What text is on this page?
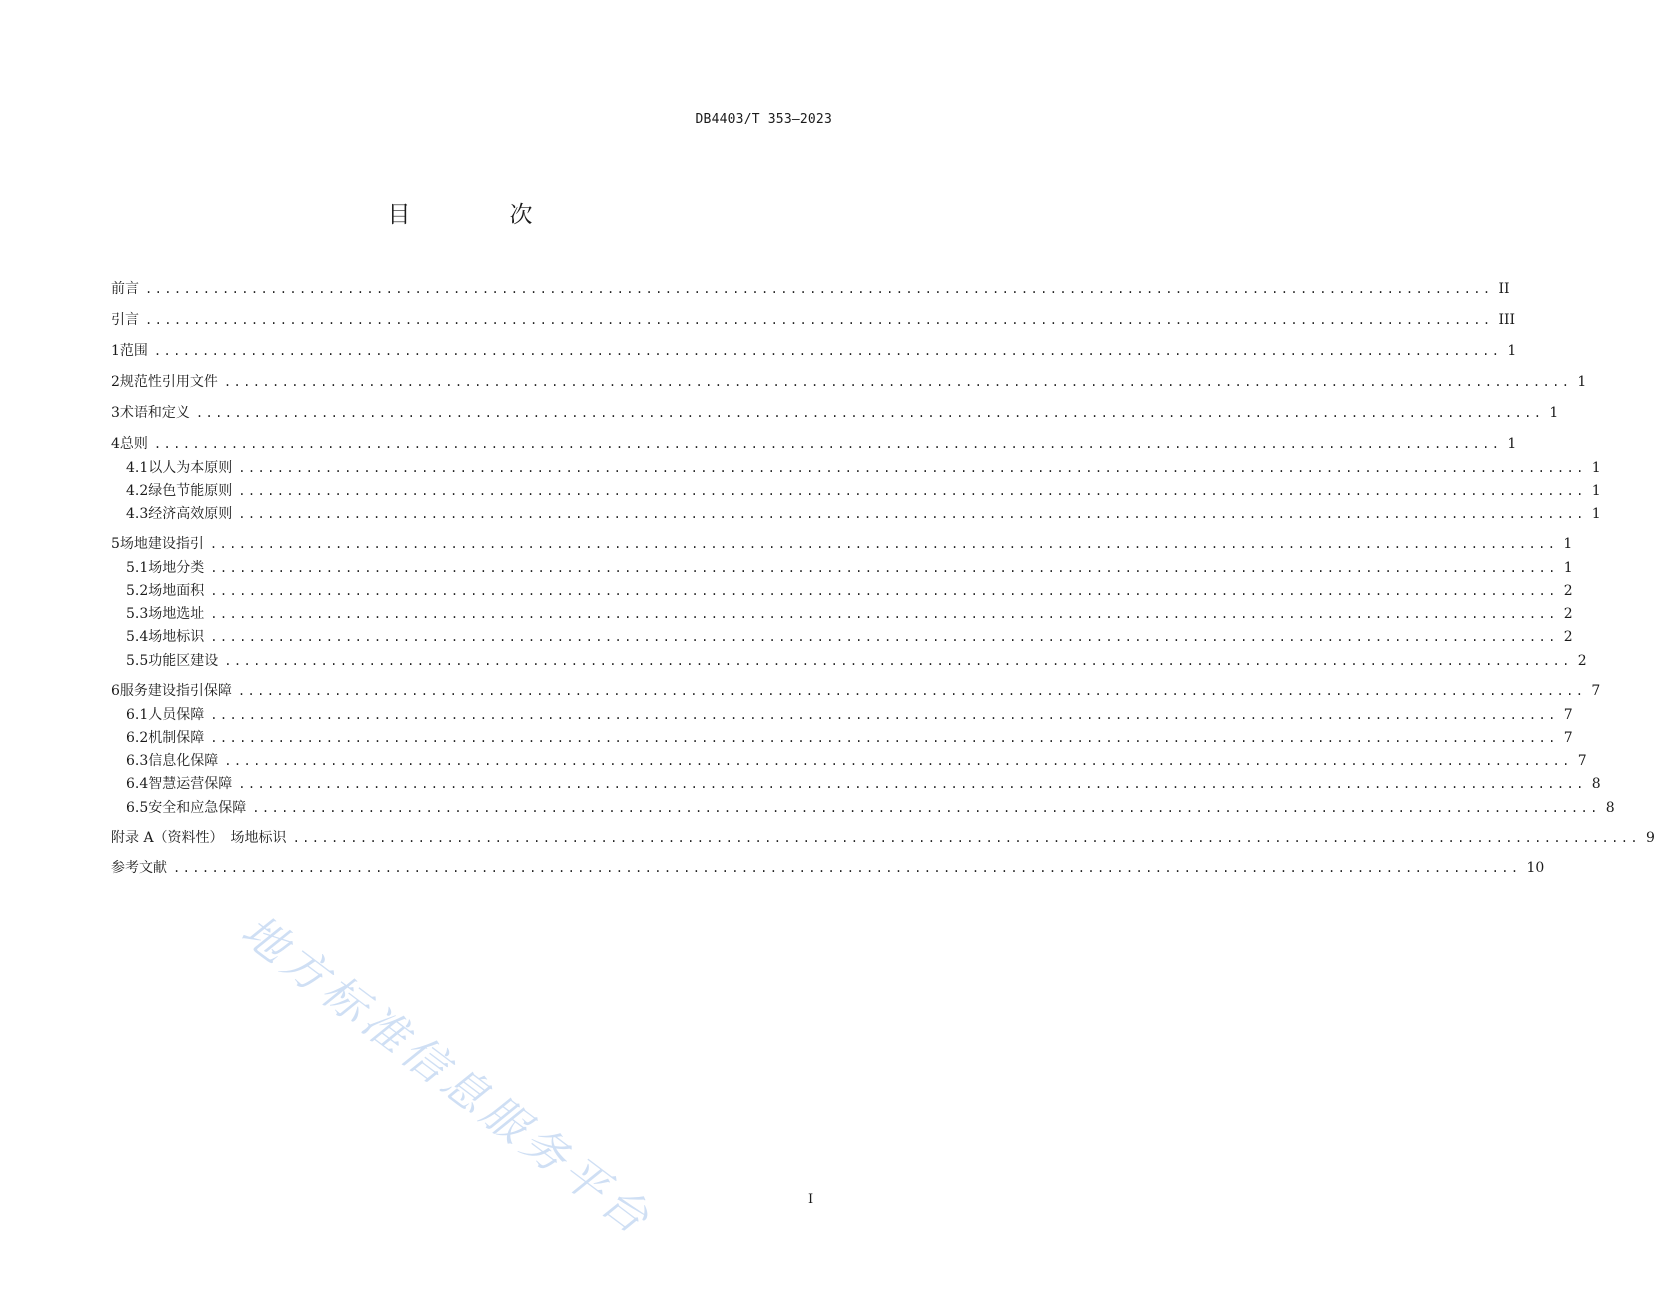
DB4403/T 353—2023
目　次
前言 ............................................................................................................................................ II
引言 ............................................................................................................................................ III
1 范围 ............................................................................................................................................ 1
2 规范性引用文件 ............................................................................................................................................ 1
3 术语和定义 ............................................................................................................................................ 1
4 总则 ............................................................................................................................................ 1
4.1 以人为本原则 ............................................................................................................................................ 1
4.2 绿色节能原则 ............................................................................................................................................ 1
4.3 经济高效原则 ............................................................................................................................................ 1
5 场地建设指引 ............................................................................................................................................ 1
5.1 场地分类 ............................................................................................................................................ 1
5.2 场地面积 ............................................................................................................................................ 2
5.3 场地选址 ............................................................................................................................................ 2
5.4 场地标识 ............................................................................................................................................ 2
5.5 功能区建设 ............................................................................................................................................ 2
6 服务建设指引保障 ............................................................................................................................................ 7
6.1 人员保障 ............................................................................................................................................ 7
6.2 机制保障 ............................................................................................................................................ 7
6.3 信息化保障 ............................................................................................................................................ 7
6.4 智慧运营保障 ............................................................................................................................................ 8
6.5 安全和应急保障 ............................................................................................................................................ 8
附录 A（资料性）　场地标识 ............................................................................................................................................ 9
参考文献 ............................................................................................................................................ 10
I
地方标准信息服务平台
